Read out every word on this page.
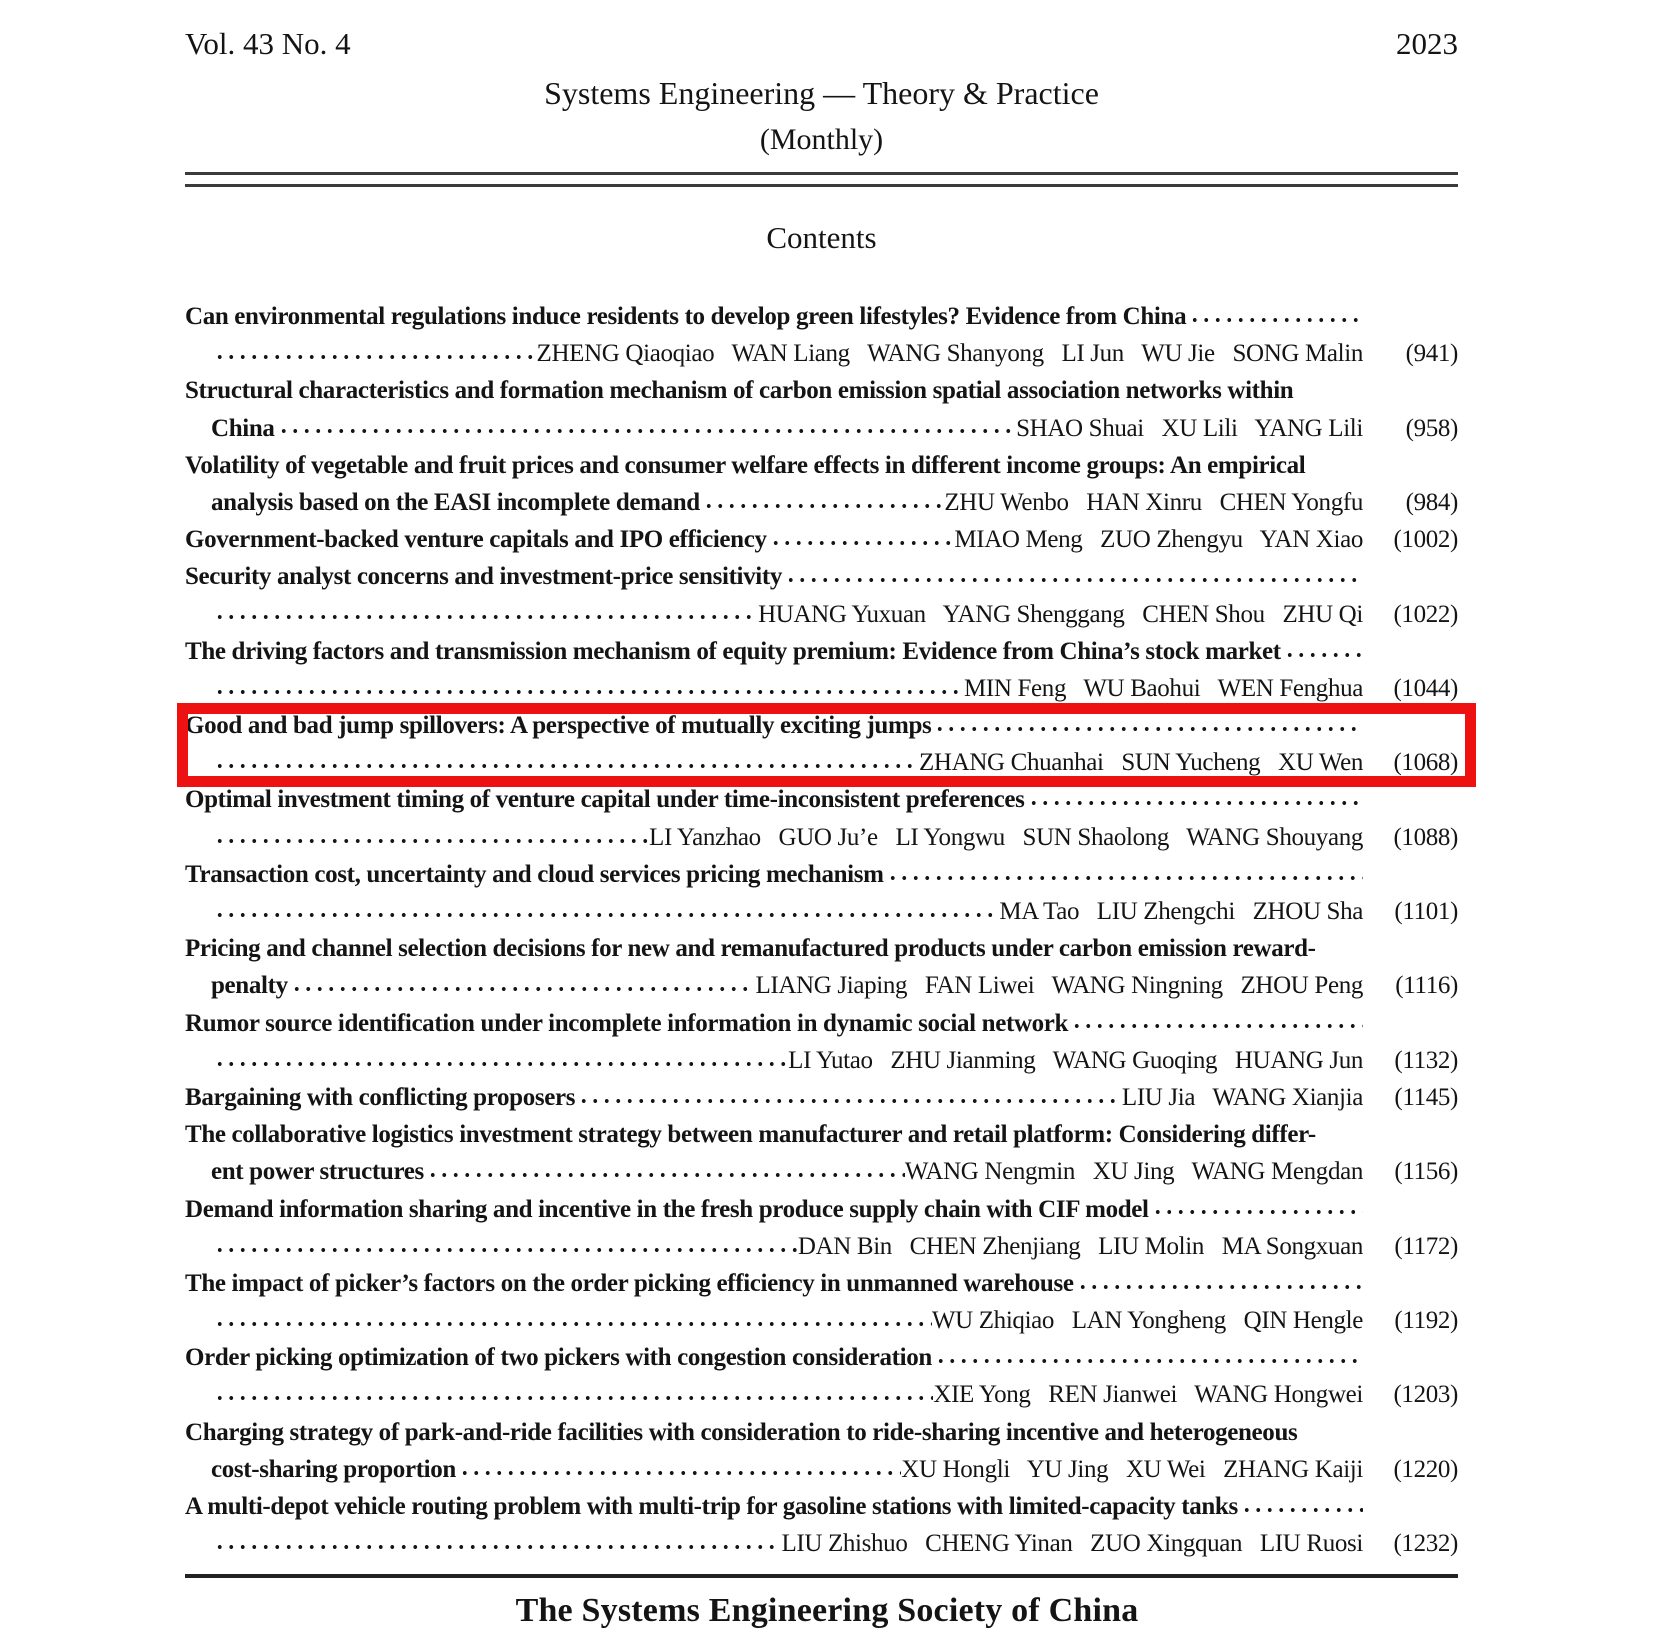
Vol. 43 No. 4	2023
Systems Engineering — Theory & Practice
(Monthly)
Contents
Can environmental regulations induce residents to develop green lifestyles? Evidence from China
ZHENG Qiaoqiao   WAN Liang   WANG Shanyong   LI Jun   WU Jie   SONG Malin	(941)
Structural characteristics and formation mechanism of carbon emission spatial association networks within
China	SHAO Shuai   XU Lili   YANG Lili	(958)
Volatility of vegetable and fruit prices and consumer welfare effects in different income groups: An empirical
analysis based on the EASI incomplete demand	ZHU Wenbo   HAN Xinru   CHEN Yongfu	(984)
Government-backed venture capitals and IPO efficiency	MIAO Meng   ZUO Zhengyu   YAN Xiao	(1002)
Security analyst concerns and investment-price sensitivity
HUANG Yuxuan   YANG Shenggang   CHEN Shou   ZHU Qi	(1022)
The driving factors and transmission mechanism of equity premium: Evidence from China’s stock market
MIN Feng   WU Baohui   WEN Fenghua	(1044)
Good and bad jump spillovers: A perspective of mutually exciting jumps
ZHANG Chuanhai   SUN Yucheng   XU Wen	(1068)
Optimal investment timing of venture capital under time-inconsistent preferences
LI Yanzhao   GUO Ju’e   LI Yongwu   SUN Shaolong   WANG Shouyang	(1088)
Transaction cost, uncertainty and cloud services pricing mechanism
MA Tao   LIU Zhengchi   ZHOU Sha	(1101)
Pricing and channel selection decisions for new and remanufactured products under carbon emission reward-
penalty	LIANG Jiaping   FAN Liwei   WANG Ningning   ZHOU Peng	(1116)
Rumor source identification under incomplete information in dynamic social network
LI Yutao   ZHU Jianming   WANG Guoqing   HUANG Jun	(1132)
Bargaining with conflicting proposers	LIU Jia   WANG Xianjia	(1145)
The collaborative logistics investment strategy between manufacturer and retail platform: Considering differ-
ent power structures	WANG Nengmin   XU Jing   WANG Mengdan	(1156)
Demand information sharing and incentive in the fresh produce supply chain with CIF model
DAN Bin   CHEN Zhenjiang   LIU Molin   MA Songxuan	(1172)
The impact of picker’s factors on the order picking efficiency in unmanned warehouse
WU Zhiqiao   LAN Yongheng   QIN Hengle	(1192)
Order picking optimization of two pickers with congestion consideration
XIE Yong   REN Jianwei   WANG Hongwei	(1203)
Charging strategy of park-and-ride facilities with consideration to ride-sharing incentive and heterogeneous
cost-sharing proportion	XU Hongli   YU Jing   XU Wei   ZHANG Kaiji	(1220)
A multi-depot vehicle routing problem with multi-trip for gasoline stations with limited-capacity tanks
LIU Zhishuo   CHENG Yinan   ZUO Xingquan   LIU Ruosi	(1232)
The Systems Engineering Society of China
